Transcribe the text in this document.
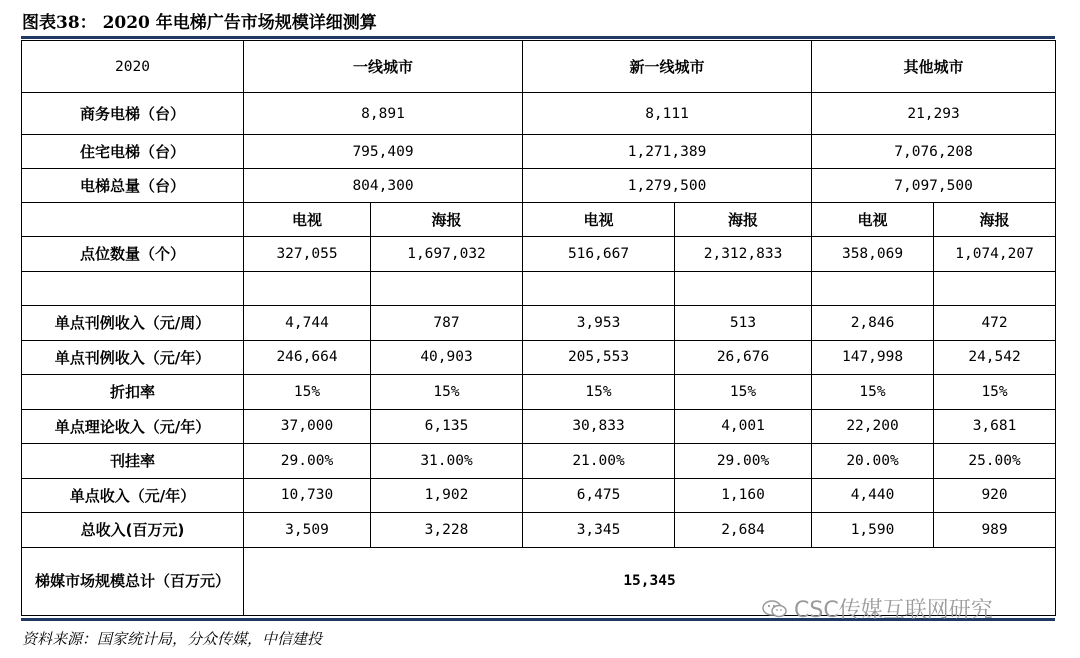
图表38： 2020 年电梯广告市场规模详细测算
2020	一线城市		新一线城市		其他城市	
商务电梯（台）	8,891		8,111		21,293	
住宅电梯（台）	795,409		1,271,389		7,076,208	
电梯总量（台）	804,300		1,279,500		7,097,500	
	电视	海报	电视	海报	电视	海报
点位数量（个）	327,055	1,697,032	516,667	2,312,833	358,069	1,074,207

单点刊例收入（元/周）	4,744	787	3,953	513	2,846	472
单点刊例收入（元/年）	246,664	40,903	205,553	26,676	147,998	24,542
折扣率	15%	15%	15%	15%	15%	15%
单点理论收入（元/年）	37,000	6,135	30,833	4,001	22,200	3,681
刊挂率	29.00%	31.00%	21.00%	29.00%	20.00%	25.00%
单点收入（元/年）	10,730	1,902	6,475	1,160	4,440	920
总收入(百万元)	3,509	3,228	3,345	2,684	1,590	989
梯媒市场规模总计（百万元）	15,345					
CSC传媒互联网研究
资料来源：国家统计局，分众传媒，中信建投
